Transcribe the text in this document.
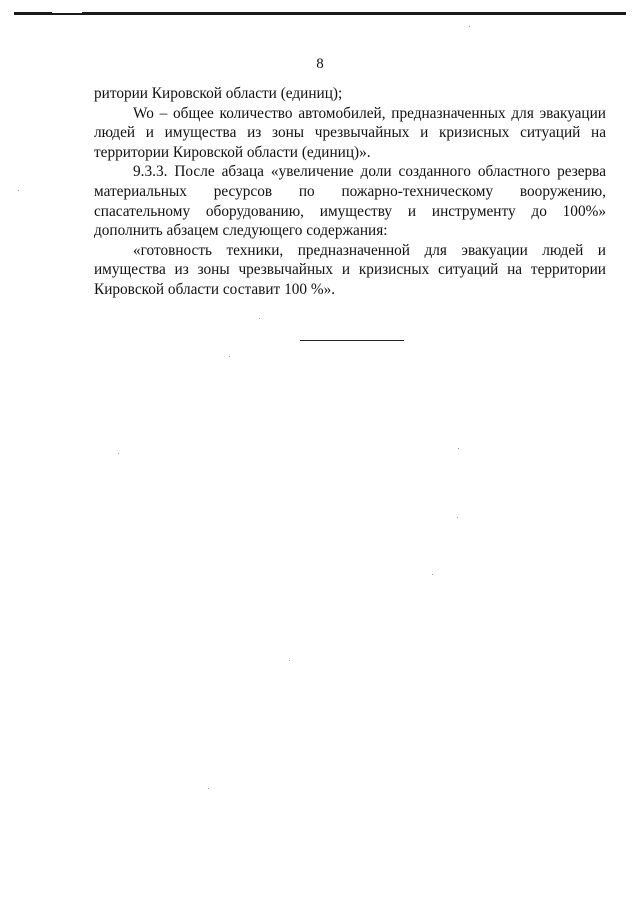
8

ритории Кировской области (единиц);

Wo – общее количество автомобилей, предназначенных для эвакуации людей и имущества из зоны чрезвычайных и кризисных ситуаций на территории Кировской области (единиц)».

9.3.3. После абзаца «увеличение доли созданного областного резерва материальных ресурсов по пожарно-техническому вооружению, спасательному оборудованию, имуществу и инструменту до 100%» дополнить абзацем следующего содержания:

«готовность техники, предназначенной для эвакуации людей и имущества из зоны чрезвычайных и кризисных ситуаций на территории Кировской области составит 100 %».
